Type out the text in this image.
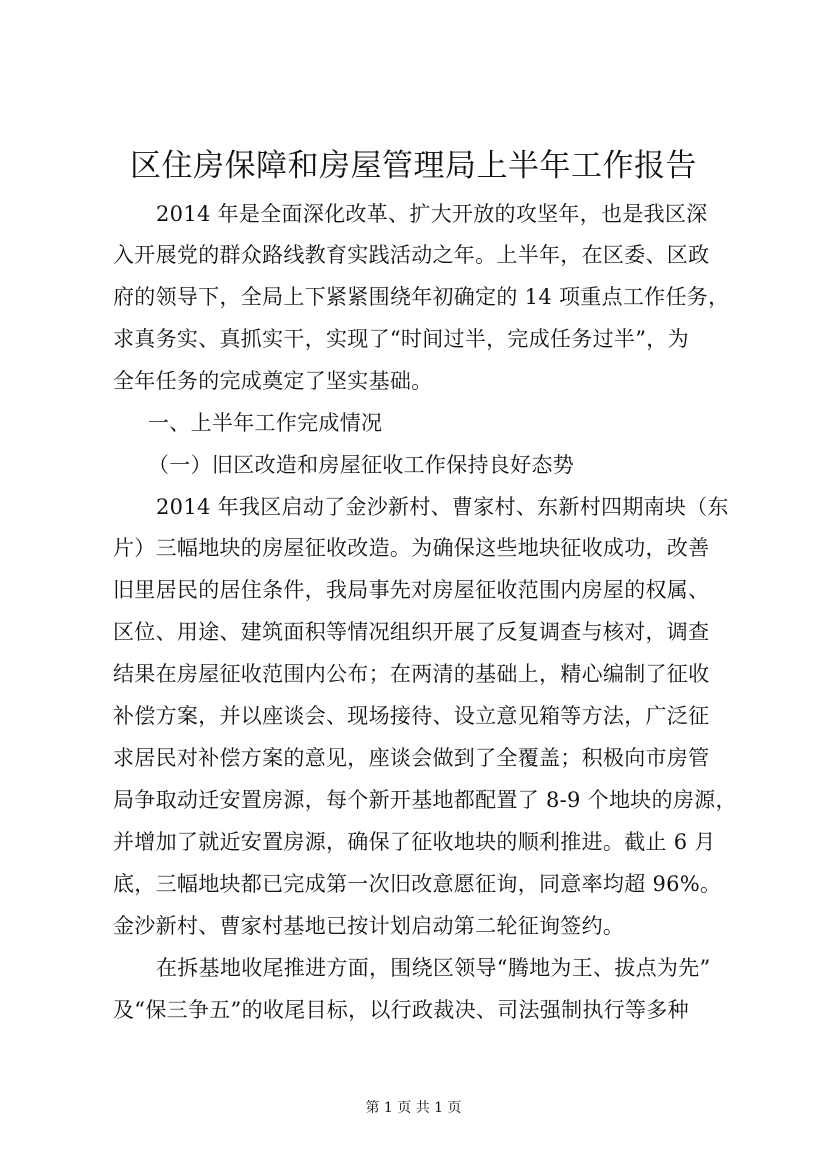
区住房保障和房屋管理局上半年工作报告
2014 年是全面深化改革、扩大开放的攻坚年，也是我区深
入开展党的群众路线教育实践活动之年。上半年，在区委、区政
府的领导下，全局上下紧紧围绕年初确定的 14 项重点工作任务，
求真务实、真抓实干，实现了“时间过半，完成任务过半”，为
全年任务的完成奠定了坚实基础。
一、上半年工作完成情况
（一）旧区改造和房屋征收工作保持良好态势
2014 年我区启动了金沙新村、曹家村、东新村四期南块（东
片）三幅地块的房屋征收改造。为确保这些地块征收成功，改善
旧里居民的居住条件，我局事先对房屋征收范围内房屋的权属、
区位、用途、建筑面积等情况组织开展了反复调查与核对，调查
结果在房屋征收范围内公布；在两清的基础上，精心编制了征收
补偿方案，并以座谈会、现场接待、设立意见箱等方法，广泛征
求居民对补偿方案的意见，座谈会做到了全覆盖；积极向市房管
局争取动迁安置房源，每个新开基地都配置了 8-9 个地块的房源，
并增加了就近安置房源，确保了征收地块的顺利推进。截止 6 月
底，三幅地块都已完成第一次旧改意愿征询，同意率均超 96%。
金沙新村、曹家村基地已按计划启动第二轮征询签约。
在拆基地收尾推进方面，围绕区领导“腾地为王、拔点为先”
及“保三争五”的收尾目标，以行政裁决、司法强制执行等多种
第 1 页 共 1 页
